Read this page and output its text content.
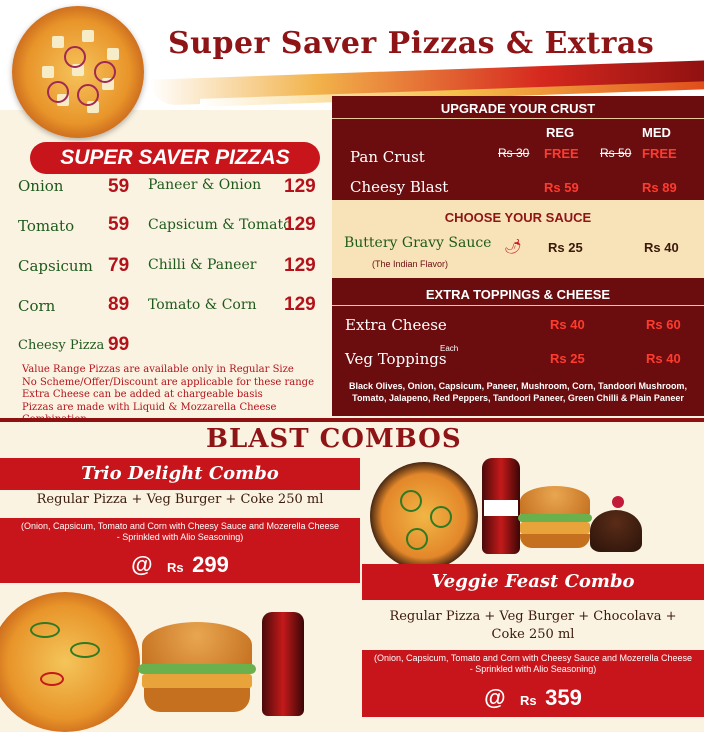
Super Saver Pizzas & Extras
SUPER SAVER PIZZAS
Onion 59
Tomato 59
Capsicum 79
Corn	89
Cheesy Pizza 99
Paneer & Onion 129
Capsicum & Tomato
129
Chilli & Paneer 129
Tomato & Corn 129
Value Range Pizzas are available only in Regular Size
No Scheme/Offer/Discount are applicable for these range
Extra Cheese can be added at chargeable basis
Pizzas are made with Liquid & Mozzarella Cheese
UPGRADE YOUR CRUST
REG	MED
Pan Crust	Rs 30 FREE Rs 50 FREE
Cheesy Blast	Rs 59	Rs 89
CHOOSE YOUR SAUCE
Buttery Gravy Sauce 🌶
(The Indian Flavor)
Rs 25	Rs 40
EXTRA TOPPINGS & CHEESE
Extra Cheese	Rs 40	Rs 60
Veg Toppings
Each
Rs 25	Rs 40
Black Olives, Onion, Capsicum, Paneer, Mushroom, Corn, Tandoori Mushroom,
Tomato, Jalapeno, Red Peppers, Tandoori Paneer, Green Chilli & Plain Paneer
BLAST COMBOS
Trio Delight Combo
Regular Pizza + Veg Burger + Coke 250 ml
(Onion, Capsicum, Tomato and Corn with Cheesy Sauce and Mozerella Cheese
- Sprinkled with Alio Seasoning)
@ Rs 299
Veggie Feast Combo
Regular Pizza + Veg Burger + Chocolava +
Coke 250 ml
(Onion, Capsicum, Tomato and Corn with Cheesy Sauce and Mozerella Cheese
- Sprinkled with Alio Seasoning)
@ Rs 359
